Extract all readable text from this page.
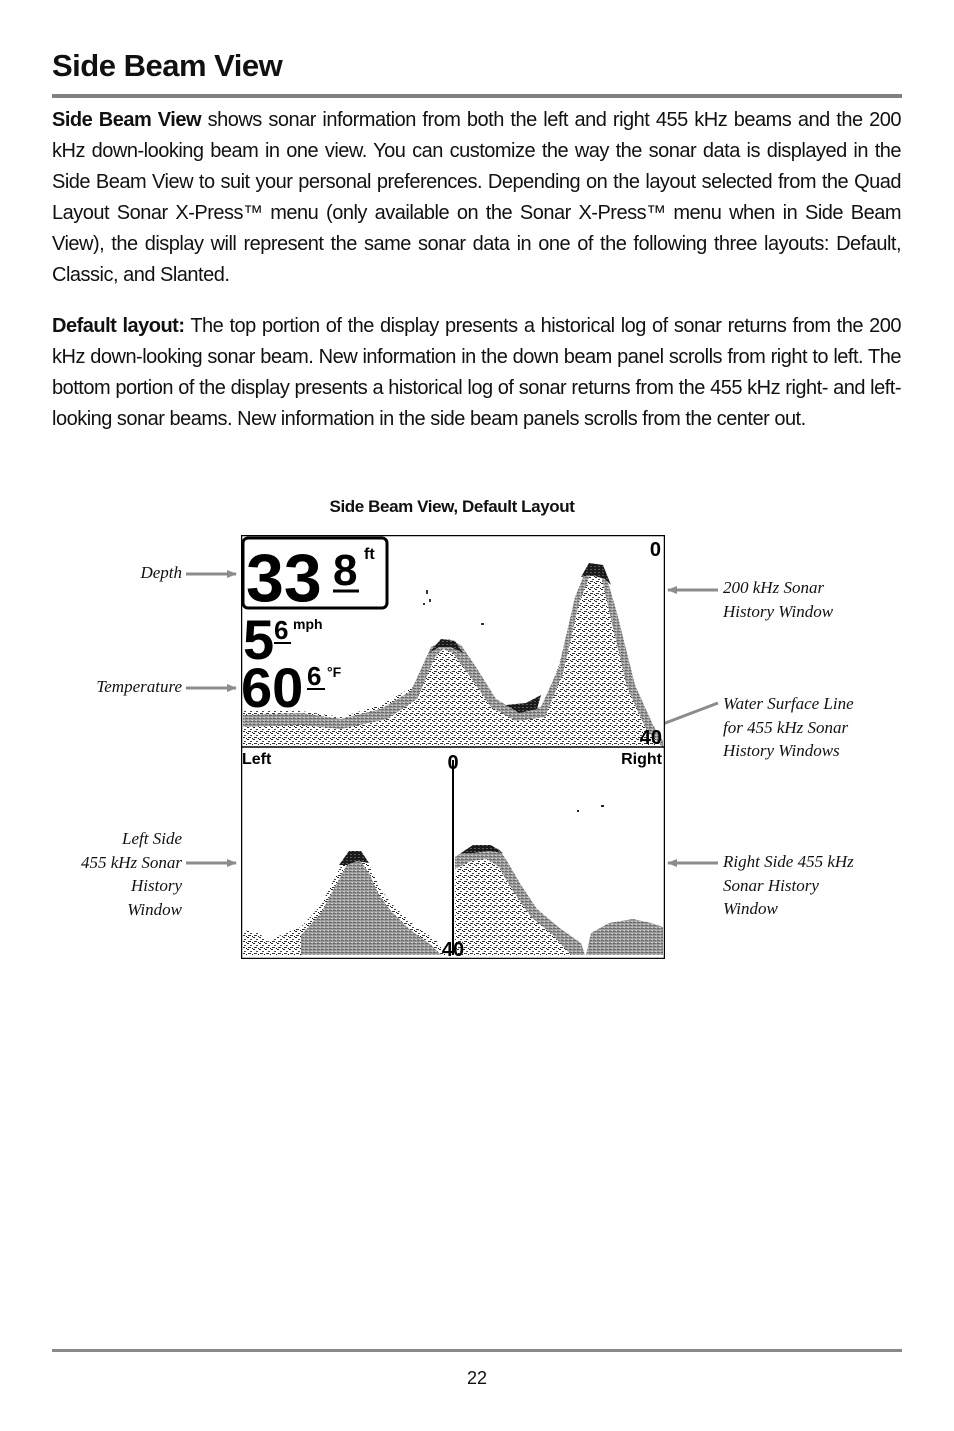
Side Beam View

Side Beam View shows sonar information from both the left and right 455 kHz beams and the 200 kHz down-looking beam in one view. You can customize the way the sonar data is displayed in the Side Beam View to suit your personal preferences. Depending on the layout selected from the Quad Layout Sonar X-Press™ menu (only available on the Sonar X-Press™ menu when in Side Beam View), the display will represent the same sonar data in one of the following three layouts: Default, Classic, and Slanted.

Default layout: The top portion of the display presents a historical log of sonar returns from the 200 kHz down-looking sonar beam. New information in the down beam panel scrolls from right to left. The bottom portion of the display presents a historical log of sonar returns from the 455 kHz right- and left-looking sonar beams. New information in the side beam panels scrolls from the center out.

Side Beam View, Default Layout
Depth
Temperature
Left Side
455 kHz Sonar
History
Window
200 kHz Sonar
History Window
Water Surface Line
for 455 kHz Sonar
History Windows
Right Side 455 kHz
Sonar History
Window
33 8 ft
5 6 mph
60 6 °F
0
40
Left	Right
0
40
22
